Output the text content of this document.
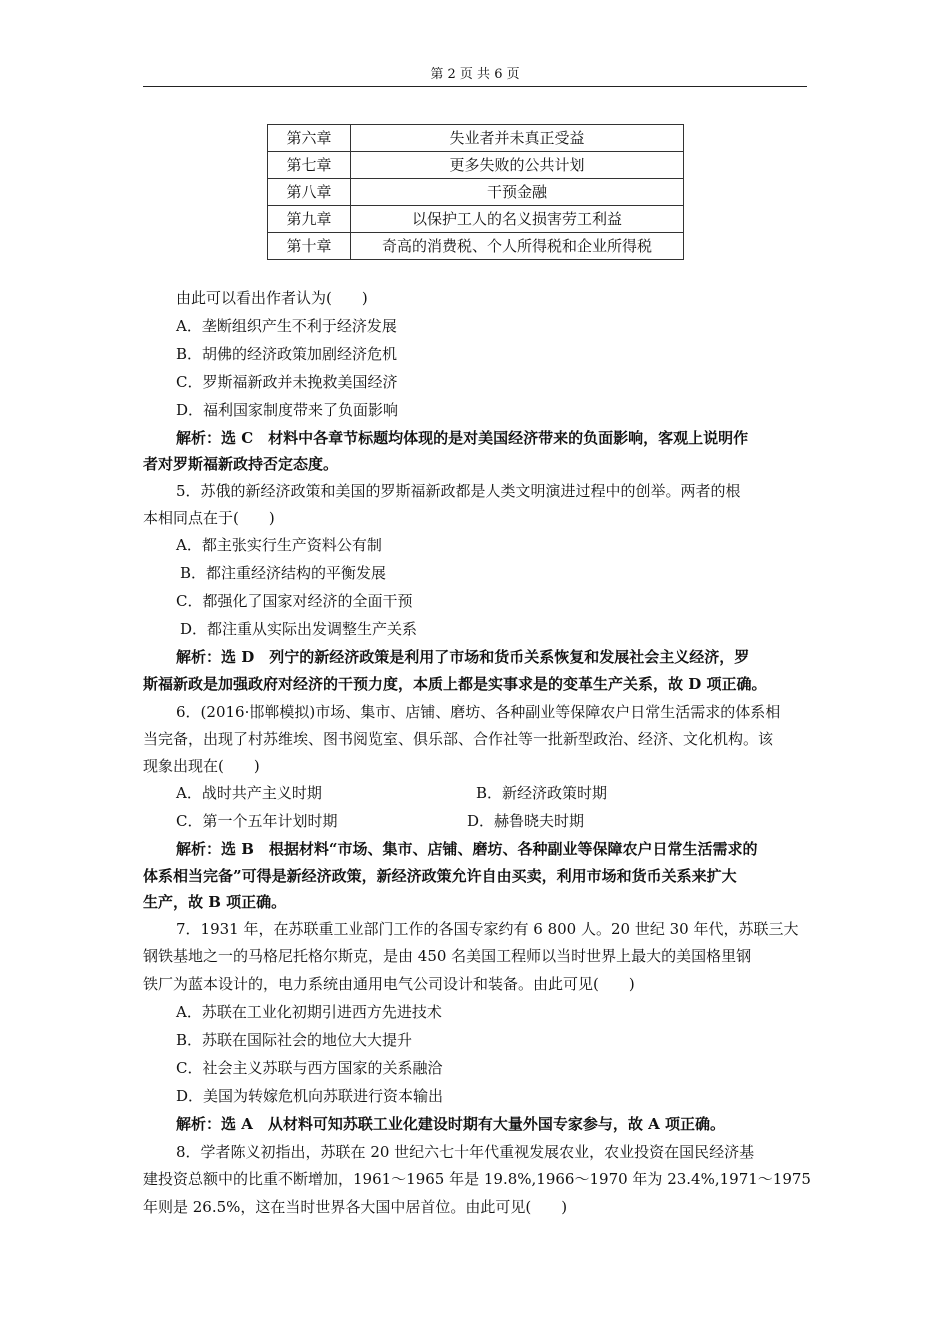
第 2 页 共 6 页
第六章	失业者并未真正受益
第七章	更多失败的公共计划
第八章	干预金融
第九章	以保护工人的名义损害劳工利益
第十章	奇高的消费税、个人所得税和企业所得税
由此可以看出作者认为(　　)
A．垄断组织产生不利于经济发展
B．胡佛的经济政策加剧经济危机
C．罗斯福新政并未挽救美国经济
D．福利国家制度带来了负面影响
解析：选 C　材料中各章节标题均体现的是对美国经济带来的负面影响，客观上说明作
者对罗斯福新政持否定态度。
5．苏俄的新经济政策和美国的罗斯福新政都是人类文明演进过程中的创举。两者的根
本相同点在于(　　)
A．都主张实行生产资料公有制
B．都注重经济结构的平衡发展
C．都强化了国家对经济的全面干预
D．都注重从实际出发调整生产关系
解析：选 D　列宁的新经济政策是利用了市场和货币关系恢复和发展社会主义经济，罗
斯福新政是加强政府对经济的干预力度，本质上都是实事求是的变革生产关系，故 D 项正确。
6．(2016·邯郸模拟)市场、集市、店铺、磨坊、各种副业等保障农户日常生活需求的体系相
当完备，出现了村苏维埃、图书阅览室、俱乐部、合作社等一批新型政治、经济、文化机构。该
现象出现在(　　)
A．战时共产主义时期	B．新经济政策时期
C．第一个五年计划时期	D．赫鲁晓夫时期
解析：选 B　根据材料“市场、集市、店铺、磨坊、各种副业等保障农户日常生活需求的
体系相当完备”可得是新经济政策，新经济政策允许自由买卖，利用市场和货币关系来扩大
生产，故 B 项正确。
7．1931 年，在苏联重工业部门工作的各国专家约有 6 800 人。20 世纪 30 年代，苏联三大
钢铁基地之一的马格尼托格尔斯克，是由 450 名美国工程师以当时世界上最大的美国格里钢
铁厂为蓝本设计的，电力系统由通用电气公司设计和装备。由此可见(　　)
A．苏联在工业化初期引进西方先进技术
B．苏联在国际社会的地位大大提升
C．社会主义苏联与西方国家的关系融洽
D．美国为转嫁危机向苏联进行资本输出
解析：选 A　从材料可知苏联工业化建设时期有大量外国专家参与，故 A 项正确。
8．学者陈义初指出，苏联在 20 世纪六七十年代重视发展农业，农业投资在国民经济基
建投资总额中的比重不断增加，1961～1965 年是 19.8%,1966～1970 年为 23.4%,1971～1975
年则是 26.5%，这在当时世界各大国中居首位。由此可见(　　)
